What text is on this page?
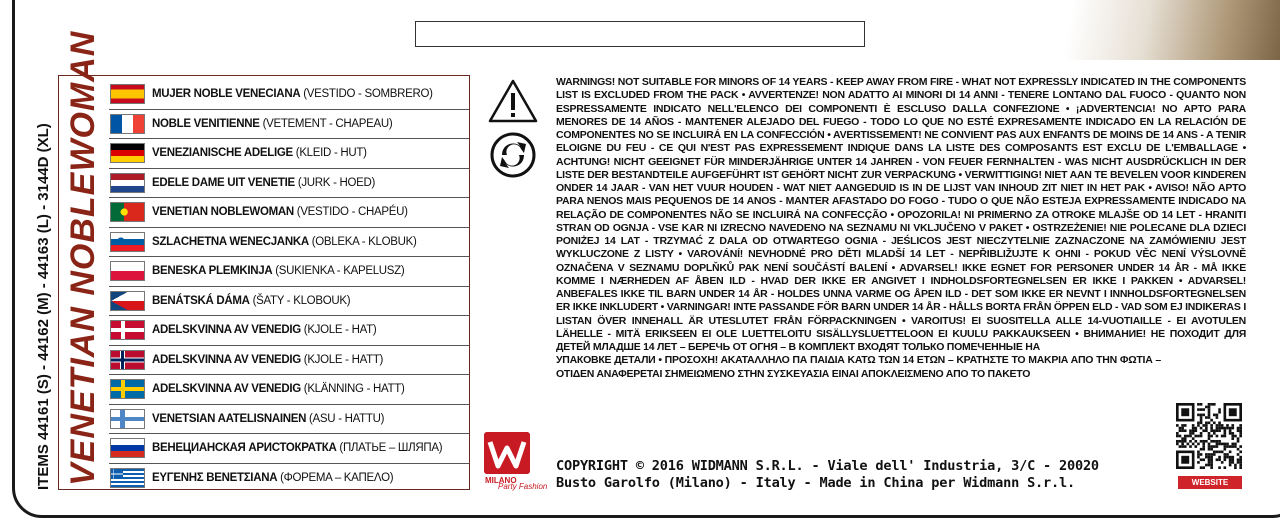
ITEMS 44161 (S) - 44162 (M) - 44163 (L) - 3144D (XL) VENETIAN NOBLEWOMAN	MUJER NOBLE VENECIANA (VESTIDO - SOMBRERO)
NOBLE VENITIENNE (VETEMENT - CHAPEAU)
VENEZIANISCHE ADELIGE (KLEID - HUT)
EDELE DAME UIT VENETIE (JURK - HOED)
VENETIAN NOBLEWOMAN (VESTIDO - CHAPÉU)
SZLACHETNA WENECJANKA (OBLEKA - KLOBUK)
BENESKA PLEMKINJA (SUKIENKA - KAPELUSZ)
BENÁTSKÁ DÁMA (ŠATY - KLOBOUK)
ADELSKVINNA AV VENEDIG (KJOLE - HAT)
ADELSKVINNA AV VENEDIG (KJOLE - HATT)
ADELSKVINNA AV VENEDIG (KLÄNNING - HATT)
VENETSIAN AATELISNAINEN (ASU - HATTU)
ВЕНЕЦИАНСКАЯ АРИСТОКРАТКА (ПЛАТЬЕ – ШЛЯПА)
ΕΥΓΕΝΗΣ ΒΕΝΕΤΣΙΑΝΑ (ΦΟΡΕΜΑ – ΚΑΠΕΛΟ)
WARNINGS! NOT SUITABLE FOR MINORS OF 14 YEARS - KEEP AWAY FROM FIRE - WHAT NOT EXPRESSLY INDICATED IN THE COMPONENTS LIST IS EXCLUDED FROM THE PACK • AVVERTENZE! NON ADATTO AI MINORI DI 14 ANNI - TENERE LONTANO DAL FUOCO - QUANTO NON ESPRESSAMENTE INDICATO NELL'ELENCO DEI COMPONENTI È ESCLUSO DALLA CONFEZIONE • ¡ADVERTENCIA! NO APTO PARA MENORES DE 14 AÑOS - MANTENER ALEJADO DEL FUEGO - TODO LO QUE NO ESTÉ EXPRESAMENTE INDICADO EN LA RELACIÓN DE COMPONENTES NO SE INCLUIRÁ EN LA CONFECCIÓN • AVERTISSEMENT! NE CONVIENT PAS AUX ENFANTS DE MOINS DE 14 ANS - A TENIR ELOIGNE DU FEU - CE QUI N'EST PAS EXPRESSEMENT INDIQUE DANS LA LISTE DES COMPOSANTS EST EXCLU DE L'EMBALLAGE • ACHTUNG! NICHT GEEIGNET FÜR MINDERJÄHRIGE UNTER 14 JAHREN - VON FEUER FERNHALTEN - WAS NICHT AUSDRÜCKLICH IN DER LISTE DER BESTANDTEILE AUFGEFÜHRT IST GEHÖRT NICHT ZUR VERPACKUNG • VERWITTIGING! NIET AAN TE BEVELEN VOOR KINDEREN ONDER 14 JAAR - VAN HET VUUR HOUDEN - WAT NIET AANGEDUID IS IN DE LIJST VAN INHOUD ZIT NIET IN HET PAK • AVISO! NÃO APTO PARA NENOS MAIS PEQUENOS DE 14 ANOS - MANTER AFASTADO DO FOGO - TUDO O QUE NÃO ESTEJA EXPRESSAMENTE INDICADO NA RELAÇÃO DE COMPONENTES NÃO SE INCLUIRÁ NA CONFECÇÃO • OPOZORILA! NI PRIMERNO ZA OTROKE MLAJŠE OD 14 LET - HRANITI STRAN OD OGNJA - VSE KAR NI IZRECNO NAVEDENO NA SEZNAMU NI VKLJUČENO V PAKET • OSTRZEŻENIE! NIE POLECANE DLA DZIECI PONIŻEJ 14 LAT - TRZYMAĆ Z DALA OD OTWARTEGO OGNIA - JEŚLICOS JEST NIECZYTELNIE ZAZNACZONE NA ZAMÓWIENIU JEST WYKLUCZONE Z LISTY • VAROVÁNÍ! NEVHODNÉ PRO DĚTI MLADŠÍ 14 LET - NEPŘIBLIŽUJTE K OHNI - POKUD VĚC NENÍ VÝSLOVNĚ OZNAČENA V SEZNAMU DOPLŇKŮ PAK NENÍ SOUČÁSTÍ BALENÍ • ADVARSEL! IKKE EGNET FOR PERSONER UNDER 14 ÅR - MÅ IKKE KOMME I NÆRHEDEN AF ÅBEN ILD - HVAD DER IKKE ER ANGIVET I INDHOLDSFORTEGNELSEN ER IKKE I PAKKEN • ADVARSEL! ANBEFALES IKKE TIL BARN UNDER 14 ÅR - HOLDES UNNA VARME OG ÅPEN ILD - DET SOM IKKE ER NEVNT I INNHOLDSFORTEGNELSEN ER IKKE INKLUDERT • VARNINGAR! INTE PASSANDE FÖR BARN UNDER 14 ÅR - HÅLLS BORTA FRÅN ÖPPEN ELD - VAD SOM EJ INDIKERAS I LISTAN ÖVER INNEHALL ÄR UTESLUTET FRÅN FÖRPACKNINGEN • VAROITUS! EI SUOSITELLA ALLE 14-VUOTIAILLE - EI AVOTULEN LÄHELLE - MITÄ ERIKSEEN EI OLE LUETTELOITU SISÄLLYSLUETTELOON EI KUULU PAKKAUKSEEN • ВНИМАНИЕ! НЕ ПОХОДИТ ДЛЯ ДЕТЕЙ МЛАДШЕ 14 ЛЕТ – БЕРЕЧЬ ОТ ОГНЯ – В КОМПЛЕКТ ВХОДЯТ ТОЛЬКО ПОМЕЧЕННЫЕ НА
УПАКОВКЕ ДЕТАЛИ • ΠΡΟΣΟΧΗ! ΑΚΑΤΑΛΛΗΛΟ ΠΑ ΠΑΙΔΙΑ ΚΑΤΩ ΤΩΝ 14 ΕΤΩΝ – ΚΡΑΤΗΣΤΕ ΤΟ ΜΑΚΡΙΑ ΑΠΟ ΤΗΝ ΦΩΤΙΑ – ΟΤΙΔΕΝ ΑΝΑΦΕΡΕΤΑΙ ΣΗΜΕΙΩΜΕΝΟ ΣΤΗΝ ΣΥΣΚΕΥΑΣΙΑ ΕΙΝΑΙ ΑΠΟΚΛΕΙΣΜΕΝΟ ΑΠΟ ΤΟ ΠΑΚΕΤΟ
MILANO
Party Fashion
COPYRIGHT © 2016 WIDMANN S.R.L. - Viale dell' Industria, 3/C - 20020
Busto Garolfo (Milano) - Italy - Made in China per Widmann S.r.l.	WEBSITE
